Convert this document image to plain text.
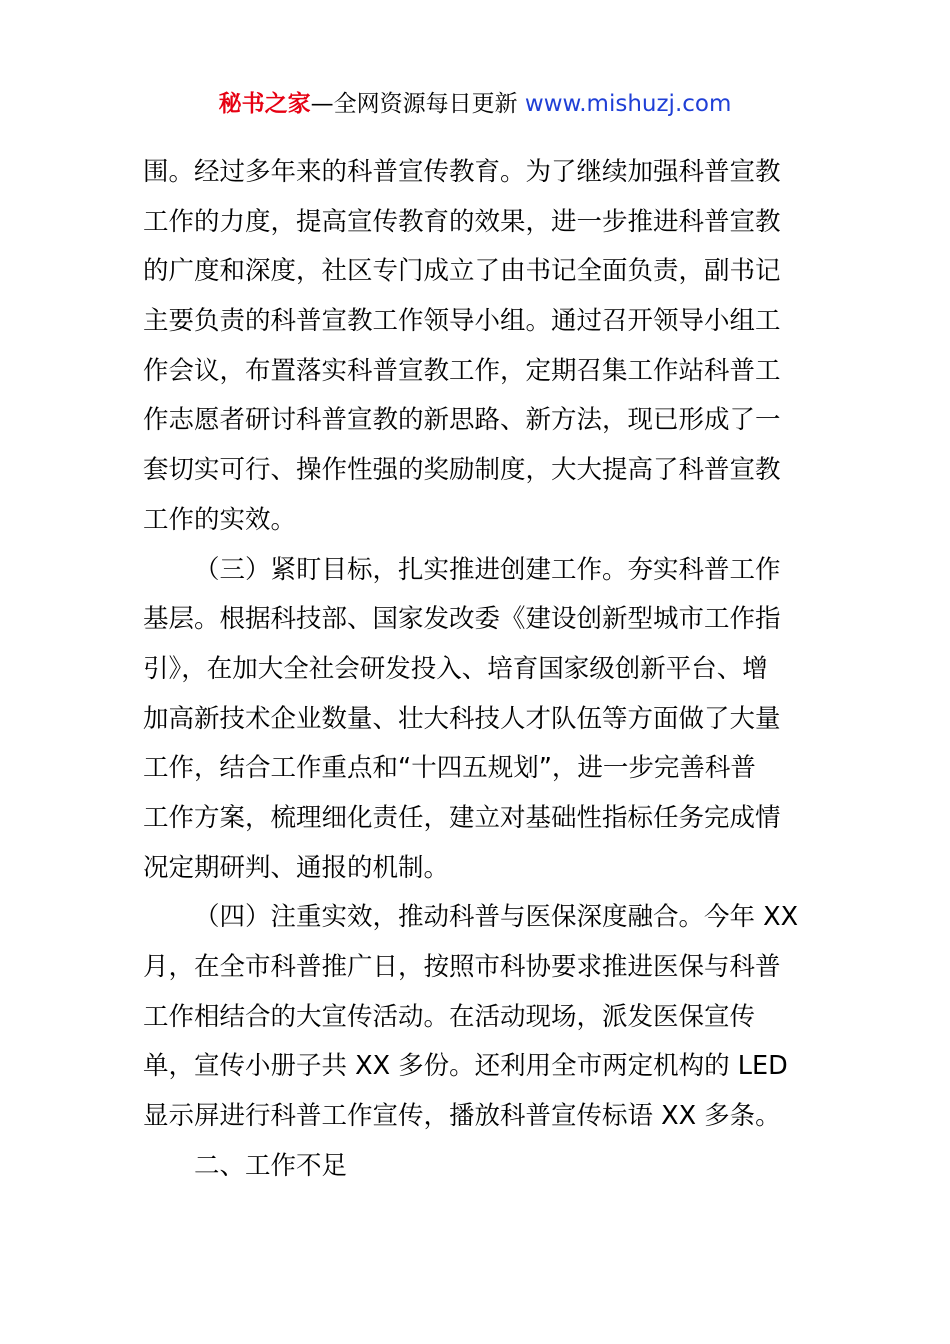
秘书之家—全网资源每日更新 www.mishuzj.com
围。经过多年来的科普宣传教育。为了继续加强科普宣教
工作的力度，提高宣传教育的效果，进一步推进科普宣教
的广度和深度，社区专门成立了由书记全面负责，副书记
主要负责的科普宣教工作领导小组。通过召开领导小组工
作会议，布置落实科普宣教工作，定期召集工作站科普工
作志愿者研讨科普宣教的新思路、新方法，现已形成了一
套切实可行、操作性强的奖励制度，大大提高了科普宣教
工作的实效。
（三）紧盯目标，扎实推进创建工作。夯实科普工作
基层。根据科技部、国家发改委《建设创新型城市工作指
引》，在加大全社会研发投入、培育国家级创新平台、增
加高新技术企业数量、壮大科技人才队伍等方面做了大量
工作，结合工作重点和“十四五规划”，进一步完善科普
工作方案，梳理细化责任，建立对基础性指标任务完成情
况定期研判、通报的机制。
（四）注重实效，推动科普与医保深度融合。今年 XX
月，在全市科普推广日，按照市科协要求推进医保与科普
工作相结合的大宣传活动。在活动现场，派发医保宣传
单，宣传小册子共 XX 多份。还利用全市两定机构的 LED
显示屏进行科普工作宣传，播放科普宣传标语 XX 多条。
二、工作不足
